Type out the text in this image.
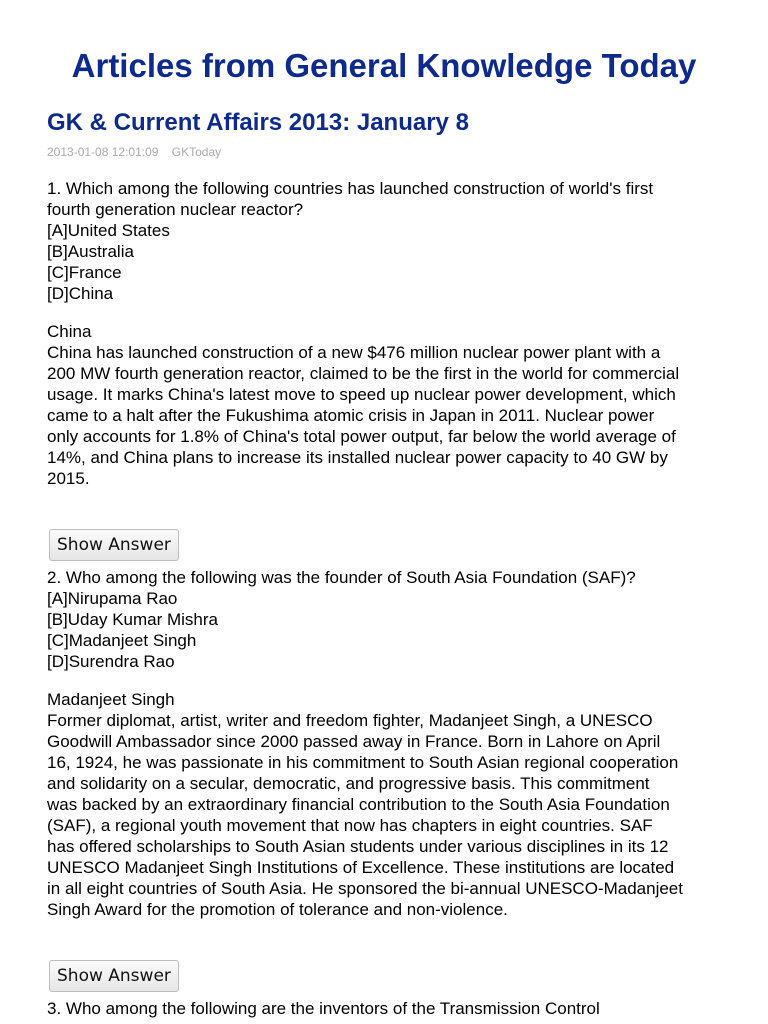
Articles from General Knowledge Today
GK & Current Affairs 2013: January 8
2013-01-08 12:01:09 GKToday
1. Which among the following countries has launched construction of world's first
fourth generation nuclear reactor?
[A]United States
[B]Australia
[C]France
[D]China
China
China has launched construction of a new $476 million nuclear power plant with a
200 MW fourth generation reactor, claimed to be the first in the world for commercial
usage. It marks China's latest move to speed up nuclear power development, which
came to a halt after the Fukushima atomic crisis in Japan in 2011. Nuclear power
only accounts for 1.8% of China's total power output, far below the world average of
14%, and China plans to increase its installed nuclear power capacity to 40 GW by
2015.
Show Answer
2. Who among the following was the founder of South Asia Foundation (SAF)?
[A]Nirupama Rao
[B]Uday Kumar Mishra
[C]Madanjeet Singh
[D]Surendra Rao
Madanjeet Singh
Former diplomat, artist, writer and freedom fighter, Madanjeet Singh, a UNESCO
Goodwill Ambassador since 2000 passed away in France. Born in Lahore on April
16, 1924, he was passionate in his commitment to South Asian regional cooperation
and solidarity on a secular, democratic, and progressive basis. This commitment
was backed by an extraordinary financial contribution to the South Asia Foundation
(SAF), a regional youth movement that now has chapters in eight countries. SAF
has offered scholarships to South Asian students under various disciplines in its 12
UNESCO Madanjeet Singh Institutions of Excellence. These institutions are located
in all eight countries of South Asia. He sponsored the bi-annual UNESCO-Madanjeet
Singh Award for the promotion of tolerance and non-violence.
Show Answer
3. Who among the following are the inventors of the Transmission Control
